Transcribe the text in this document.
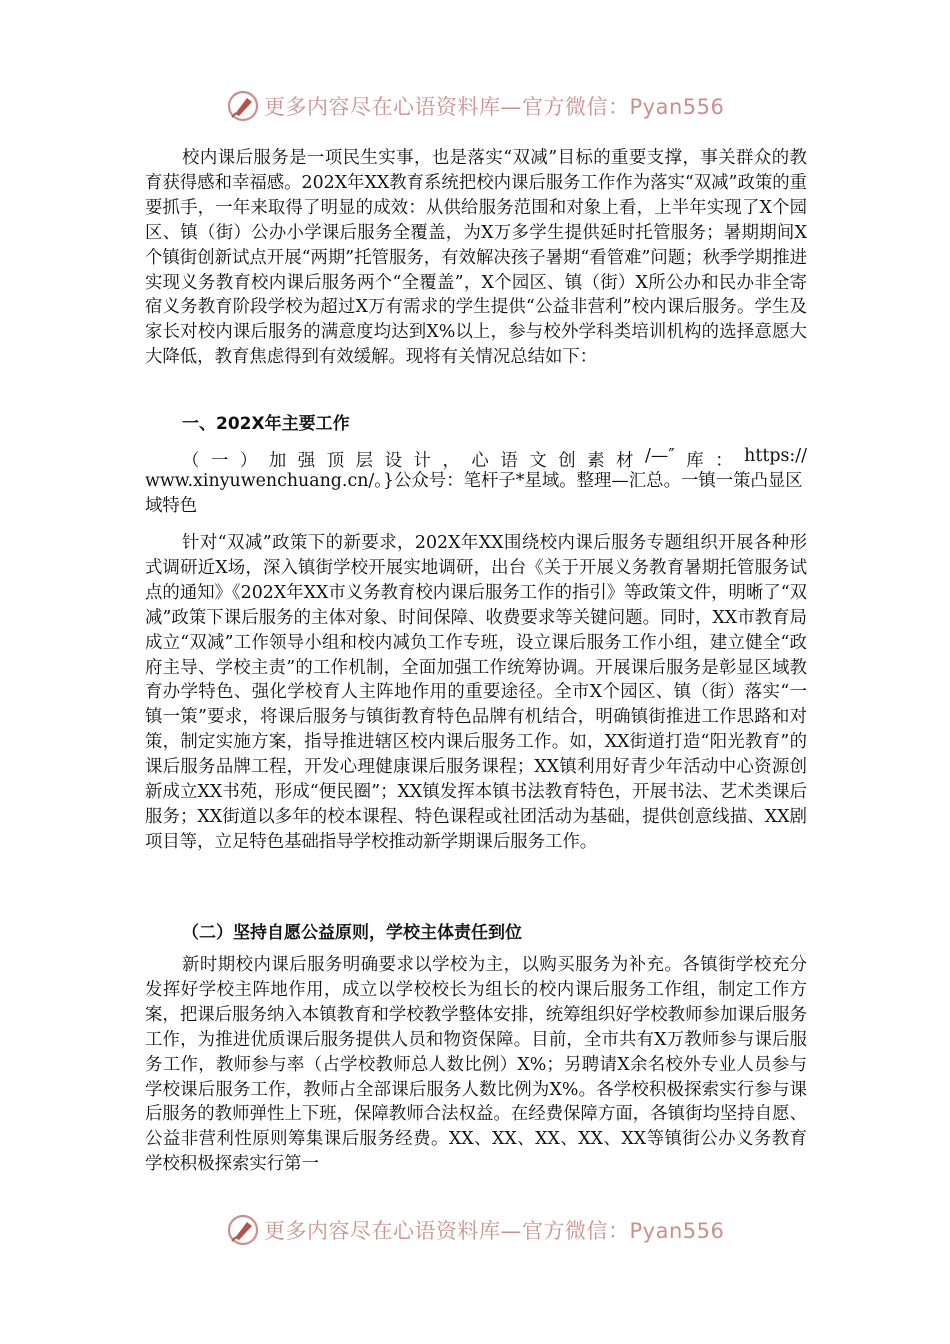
更多内容尽在心语资料库—官方微信：Pyan556

校内课后服务是一项民生实事，也是落实“双减”目标的重要支撑，事关群众的教育获得感和幸福感。202X年XX教育系统把校内课后服务工作作为落实“双减”政策的重要抓手，一年来取得了明显的成效：从供给服务范围和对象上看，上半年实现了X个园区、镇（街）公办小学课后服务全覆盖，为X万多学生提供延时托管服务；暑期期间X个镇街创新试点开展“两期”托管服务，有效解决孩子暑期“看管难”问题；秋季学期推进实现义务教育校内课后服务两个“全覆盖”，X个园区、镇（街）X所公办和民办非全寄宿义务教育阶段学校为超过X万有需求的学生提供“公益非营利”校内课后服务。学生及家长对校内课后服务的满意度均达到X%以上，参与校外学科类培训机构的选择意愿大大降低，教育焦虑得到有效缓解。现将有关情况总结如下：

一、202X年主要工作

（ 一 ） 加 强 顶 层 设 计 ， 心 语 文 创 素 材 /—″ 库 ： https://

www.xinyuwenchuang.cn/。}公众号：笔杆子*星域。整理—汇总。一镇一策凸显区域特色

针对“双减”政策下的新要求，202X年XX围绕校内课后服务专题组织开展各种形式调研近X场，深入镇街学校开展实地调研，出台《关于开展义务教育暑期托管服务试点的通知》《202X年XX市义务教育校内课后服务工作的指引》等政策文件，明晰了“双减”政策下课后服务的主体对象、时间保障、收费要求等关键问题。同时，XX市教育局成立“双减”工作领导小组和校内减负工作专班，设立课后服务工作小组，建立健全“政府主导、学校主责”的工作机制，全面加强工作统筹协调。开展课后服务是彰显区域教育办学特色、强化学校育人主阵地作用的重要途径。全市X个园区、镇（街）落实“一镇一策”要求，将课后服务与镇街教育特色品牌有机结合，明确镇街推进工作思路和对策，制定实施方案，指导推进辖区校内课后服务工作。如，XX街道打造“阳光教育”的课后服务品牌工程，开发心理健康课后服务课程；XX镇利用好青少年活动中心资源创新成立XX书苑，形成“便民圈”；XX镇发挥本镇书法教育特色，开展书法、艺术类课后服务；XX街道以多年的校本课程、特色课程或社团活动为基础，提供创意线描、XX剧项目等，立足特色基础指导学校推动新学期课后服务工作。

（二）坚持自愿公益原则，学校主体责任到位

新时期校内课后服务明确要求以学校为主，以购买服务为补充。各镇街学校充分发挥好学校主阵地作用，成立以学校校长为组长的校内课后服务工作组，制定工作方案，把课后服务纳入本镇教育和学校教学整体安排，统筹组织好学校教师参加课后服务工作，为推进优质课后服务提供人员和物资保障。目前，全市共有X万教师参与课后服务工作，教师参与率（占学校教师总人数比例）X%；另聘请X余名校外专业人员参与学校课后服务工作，教师占全部课后服务人数比例为X%。各学校积极探索实行参与课后服务的教师弹性上下班，保障教师合法权益。在经费保障方面，各镇街均坚持自愿、公益非营利性原则筹集课后服务经费。XX、XX、XX、XX、XX等镇街公办义务教育学校积极探索实行第一

更多内容尽在心语资料库—官方微信：Pyan556
